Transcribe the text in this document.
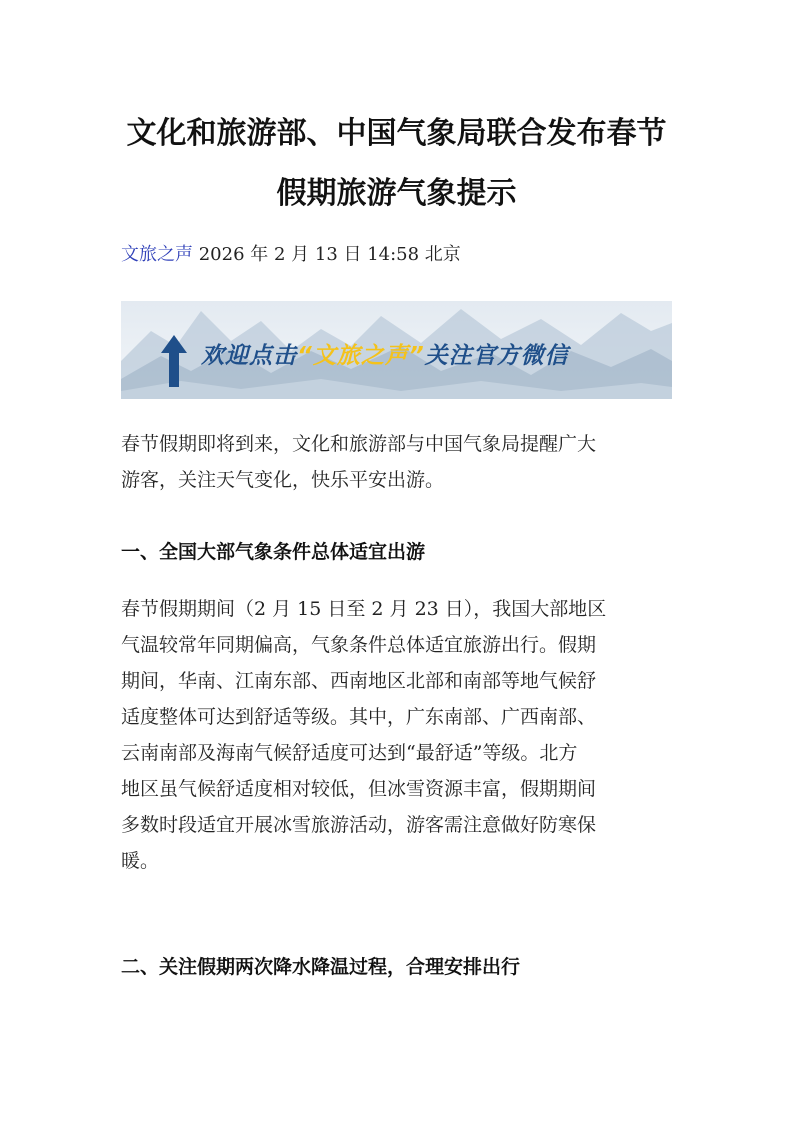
文化和旅游部、中国气象局联合发布春节
假期旅游气象提示
文旅之声 2026 年 2 月 13 日 14:58 北京
欢迎点击“文旅之声”关注官方微信

春节假期即将到来，文化和旅游部与中国气象局提醒广大
游客，关注天气变化，快乐平安出游。

一、全国大部气象条件总体适宜出游

春节假期期间（2 月 15 日至 2 月 23 日），我国大部地区
气温较常年同期偏高，气象条件总体适宜旅游出行。假期
期间，华南、江南东部、西南地区北部和南部等地气候舒
适度整体可达到舒适等级。其中，广东南部、广西南部、
云南南部及海南气候舒适度可达到“最舒适”等级。北方
地区虽气候舒适度相对较低，但冰雪资源丰富，假期期间
多数时段适宜开展冰雪旅游活动，游客需注意做好防寒保
暖。

二、关注假期两次降水降温过程，合理安排出行
